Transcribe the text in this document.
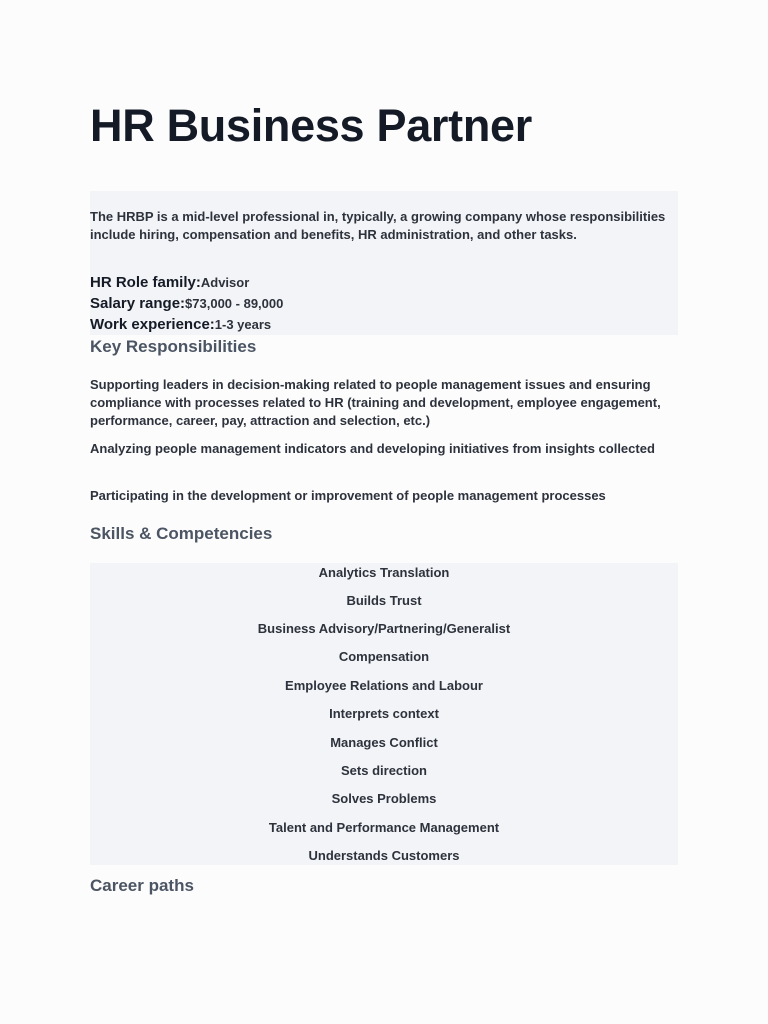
HR Business Partner
The HRBP is a mid-level professional in, typically, a growing company whose responsibilities include hiring, compensation and benefits, HR administration, and other tasks.
HR Role family:Advisor
Salary range:$73,000 - 89,000
Work experience:1-3 years
Key Responsibilities
Supporting leaders in decision-making related to people management issues and ensuring compliance with processes related to HR (training and development, employee engagement, performance, career, pay, attraction and selection, etc.)
Analyzing people management indicators and developing initiatives from insights collected
Participating in the development or improvement of people management processes
Skills & Competencies
Analytics Translation
Builds Trust
Business Advisory/Partnering/Generalist
Compensation
Employee Relations and Labour
Interprets context
Manages Conflict
Sets direction
Solves Problems
Talent and Performance Management
Understands Customers
Career paths
